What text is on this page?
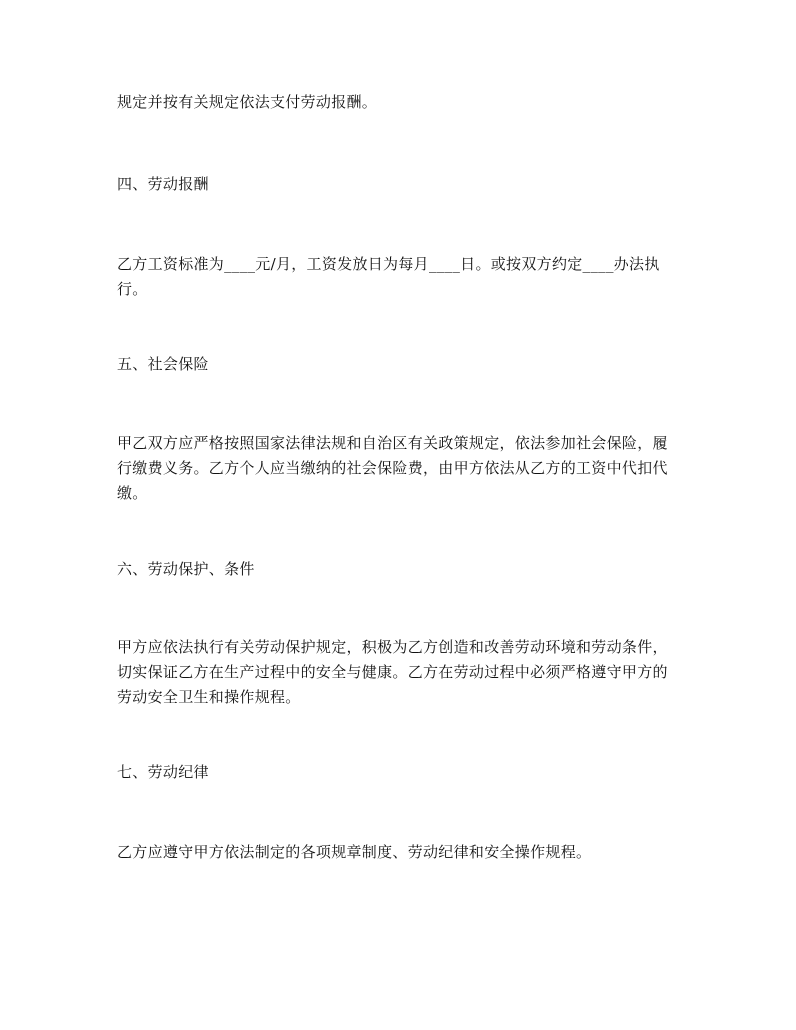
规定并按有关规定依法支付劳动报酬。

四、劳动报酬

乙方工资标准为____元/月，工资发放日为每月____日。或按双方约定____办法执
行。

五、社会保险

甲乙双方应严格按照国家法律法规和自治区有关政策规定，依法参加社会保险，履
行缴费义务。乙方个人应当缴纳的社会保险费，由甲方依法从乙方的工资中代扣代
缴。

六、劳动保护、条件

甲方应依法执行有关劳动保护规定，积极为乙方创造和改善劳动环境和劳动条件，
切实保证乙方在生产过程中的安全与健康。乙方在劳动过程中必须严格遵守甲方的
劳动安全卫生和操作规程。

七、劳动纪律

乙方应遵守甲方依法制定的各项规章制度、劳动纪律和安全操作规程。
